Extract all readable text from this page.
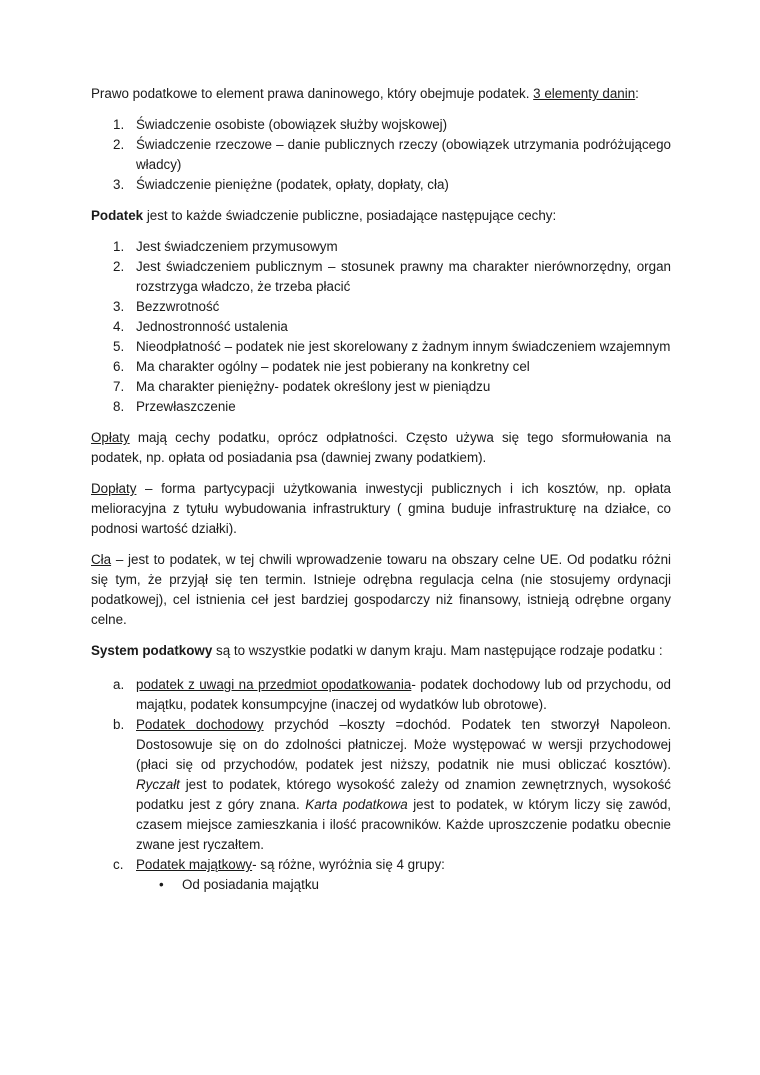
Prawo podatkowe to element prawa daninowego, który obejmuje podatek. 3 elementy danin:

1. Świadczenie osobiste (obowiązek służby wojskowej)
2. Świadczenie rzeczowe – danie publicznych rzeczy (obowiązek utrzymania podróżującego władcy)
3. Świadczenie pieniężne (podatek, opłaty, dopłaty, cła)

Podatek jest to każde świadczenie publiczne, posiadające następujące cechy:

1. Jest świadczeniem przymusowym
2. Jest świadczeniem publicznym – stosunek prawny ma charakter nierównorzędny, organ rozstrzyga władczo, że trzeba płacić
3. Bezzwrotność
4. Jednostronność ustalenia
5. Nieodpłatność – podatek nie jest skorelowany z żadnym innym świadczeniem wzajemnym
6. Ma charakter ogólny – podatek nie jest pobierany na konkretny cel
7. Ma charakter pieniężny- podatek określony jest w pieniądzu
8. Przewłaszczenie

Opłaty mają cechy podatku, oprócz odpłatności. Często używa się tego sformułowania na podatek, np. opłata od posiadania psa (dawniej zwany podatkiem).

Dopłaty – forma partycypacji użytkowania inwestycji publicznych i ich kosztów, np. opłata melioracyjna z tytułu wybudowania infrastruktury ( gmina buduje infrastrukturę na działce, co podnosi wartość działki).

Cła – jest to podatek, w tej chwili wprowadzenie towaru na obszary celne UE. Od podatku różni się tym, że przyjął się ten termin. Istnieje odrębna regulacja celna (nie stosujemy ordynacji podatkowej), cel istnienia ceł jest bardziej gospodarczy niż finansowy, istnieją odrębne organy celne.

System podatkowy są to wszystkie podatki w danym kraju. Mam następujące rodzaje podatku :

a. podatek z uwagi na przedmiot opodatkowania- podatek dochodowy lub od przychodu, od majątku, podatek konsumpcyjne (inaczej od wydatków lub obrotowe).
b. Podatek dochodowy przychód –koszty =dochód. Podatek ten stworzył Napoleon. Dostosowuje się on do zdolności płatniczej. Może występować w wersji przychodowej (płaci się od przychodów, podatek jest niższy, podatnik nie musi obliczać kosztów). Ryczałt jest to podatek, którego wysokość zależy od znamion zewnętrznych, wysokość podatku jest z góry znana. Karta podatkowa jest to podatek, w którym liczy się zawód, czasem miejsce zamieszkania i ilość pracowników. Każde uproszczenie podatku obecnie zwane jest ryczałtem.
c. Podatek majątkowy- są różne, wyróżnia się 4 grupy:
• Od posiadania majątku
